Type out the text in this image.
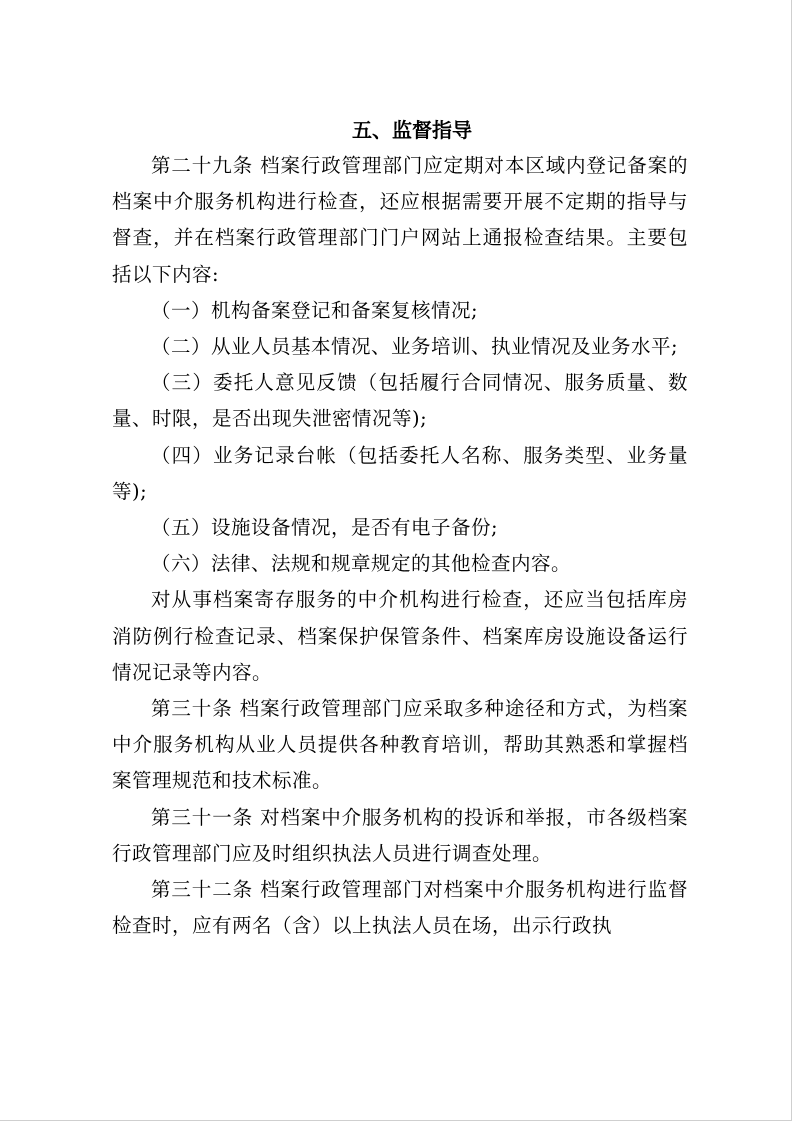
五、监督指导

第二十九条 档案行政管理部门应定期对本区域内登记备案的档案中介服务机构进行检查，还应根据需要开展不定期的指导与督查，并在档案行政管理部门门户网站上通报检查结果。主要包括以下内容:

（一）机构备案登记和备案复核情况;

（二）从业人员基本情况、业务培训、执业情况及业务水平;

（三）委托人意见反馈（包括履行合同情况、服务质量、数量、时限，是否出现失泄密情况等);

（四）业务记录台帐（包括委托人名称、服务类型、业务量等);

（五）设施设备情况，是否有电子备份;

（六）法律、法规和规章规定的其他检查内容。

对从事档案寄存服务的中介机构进行检查，还应当包括库房消防例行检查记录、档案保护保管条件、档案库房设施设备运行情况记录等内容。

第三十条 档案行政管理部门应采取多种途径和方式，为档案中介服务机构从业人员提供各种教育培训，帮助其熟悉和掌握档案管理规范和技术标准。

第三十一条 对档案中介服务机构的投诉和举报，市各级档案行政管理部门应及时组织执法人员进行调查处理。

第三十二条 档案行政管理部门对档案中介服务机构进行监督检查时，应有两名（含）以上执法人员在场，出示行政执
